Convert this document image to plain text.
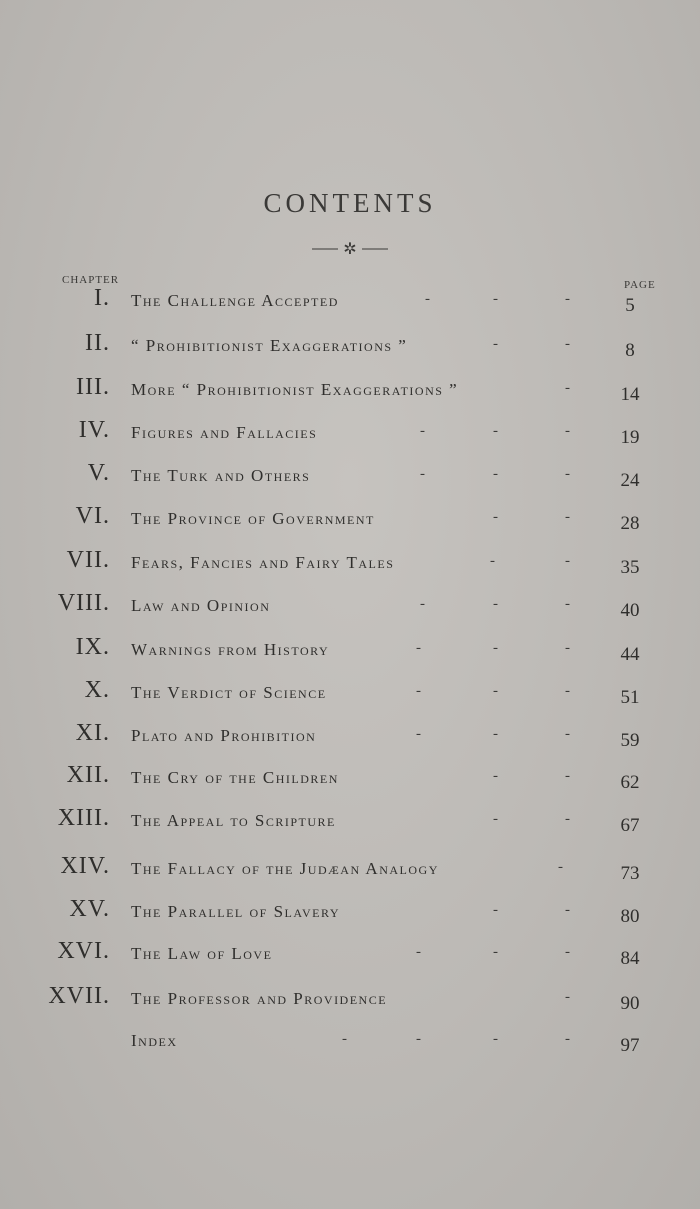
CONTENTS
✲
CHAPTER	PAGE
I. The Challenge Accepted	-	-	-	5
II. “ Prohibitionist Exaggerations ”	-	-	8
III. More “ Prohibitionist Exaggerations ”	-	14
IV. Figures and Fallacies	-	-	-	19
V. The Turk and Others	-	-	-	24
VI. The Province of Government	-	-	28
VII. Fears, Fancies and Fairy Tales	-	-	35
VIII. Law and Opinion	-	-	-	40
IX. Warnings from History	-	-	-	44
X. The Verdict of Science	-	-	-	51
XI. Plato and Prohibition	-	-	-	59
XII. The Cry of the Children	-	-	62
XIII. The Appeal to Scripture	-	-	67
XIV. The Fallacy of the Judæan Analogy	-	73
XV. The Parallel of Slavery	-	-	80
XVI. The Law of Love	-	-	-	84
XVII. The Professor and Providence	-	90
Index	-	-	-	-	97
